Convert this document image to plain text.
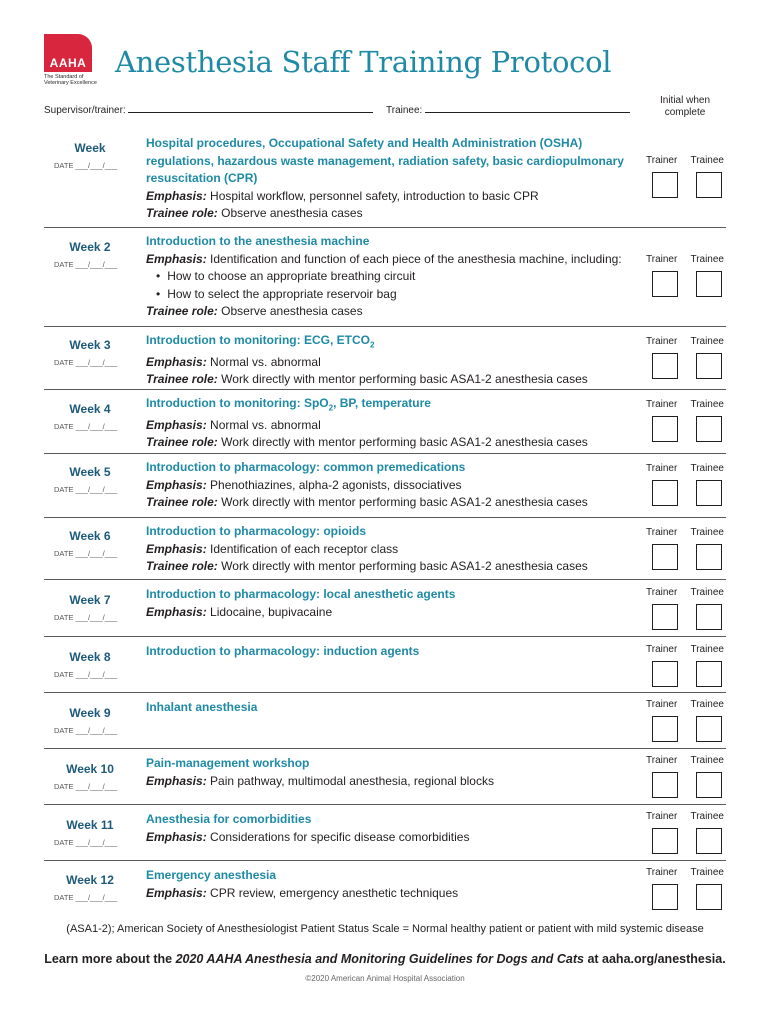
AAHA
The Standard of
Veterinary Excellence
Anesthesia Staff Training Protocol
Supervisor/trainer:	Trainee:
Initial when complete
Week
DATE ___/___/___
Hospital procedures, Occupational Safety and Health Administration (OSHA) regulations, hazardous waste management, radiation safety, basic cardiopulmonary resuscitation (CPR)
Emphasis: Hospital workflow, personnel safety, introduction to basic CPR
Trainee role: Observe anesthesia cases
Trainer Trainee
Week 2
DATE ___/___/___
Introduction to the anesthesia machine
Emphasis: Identification and function of each piece of the anesthesia machine, including:
• How to choose an appropriate breathing circuit
• How to select the appropriate reservoir bag
Trainee role: Observe anesthesia cases
Trainer Trainee
Week 3
DATE ___/___/___
Introduction to monitoring: ECG, $ETCO_2$
Emphasis: Normal vs. abnormal
Trainee role: Work directly with mentor performing basic ASA1-2 anesthesia cases
Trainer Trainee
Week 4
DATE ___/___/___
Introduction to monitoring: SpO$_2$, BP, temperature
Emphasis: Normal vs. abnormal
Trainee role: Work directly with mentor performing basic ASA1-2 anesthesia cases
Trainer Trainee
Week 5
DATE ___/___/___
Introduction to pharmacology: common premedications
Emphasis: Phenothiazines, alpha-2 agonists, dissociatives
Trainee role: Work directly with mentor performing basic ASA1-2 anesthesia cases
Trainer Trainee
Week 6
DATE ___/___/___
Introduction to pharmacology: opioids
Emphasis: Identification of each receptor class
Trainee role: Work directly with mentor performing basic ASA1-2 anesthesia cases
Trainer Trainee
Week 7
DATE ___/___/___
Introduction to pharmacology: local anesthetic agents
Emphasis: Lidocaine, bupivacaine
Trainer Trainee
Week 8
DATE ___/___/___
Introduction to pharmacology: induction agents	Trainer Trainee
Week 9
DATE ___/___/___
Inhalant anesthesia	Trainer Trainee
Week 10
DATE ___/___/___
Pain-management workshop
Emphasis: Pain pathway, multimodal anesthesia, regional blocks
Trainer Trainee
Week 11
DATE ___/___/___
Anesthesia for comorbidities
Emphasis: Considerations for specific disease comorbidities
Trainer Trainee
Week 12
DATE ___/___/___
Emergency anesthesia
Emphasis: CPR review, emergency anesthetic techniques
Trainer Trainee
(ASA1-2); American Society of Anesthesiologist Patient Status Scale = Normal healthy patient or patient with mild systemic disease
Learn more about the 2020 AAHA Anesthesia and Monitoring Guidelines for Dogs and Cats at aaha.org/anesthesia.
©2020 American Animal Hospital Association
